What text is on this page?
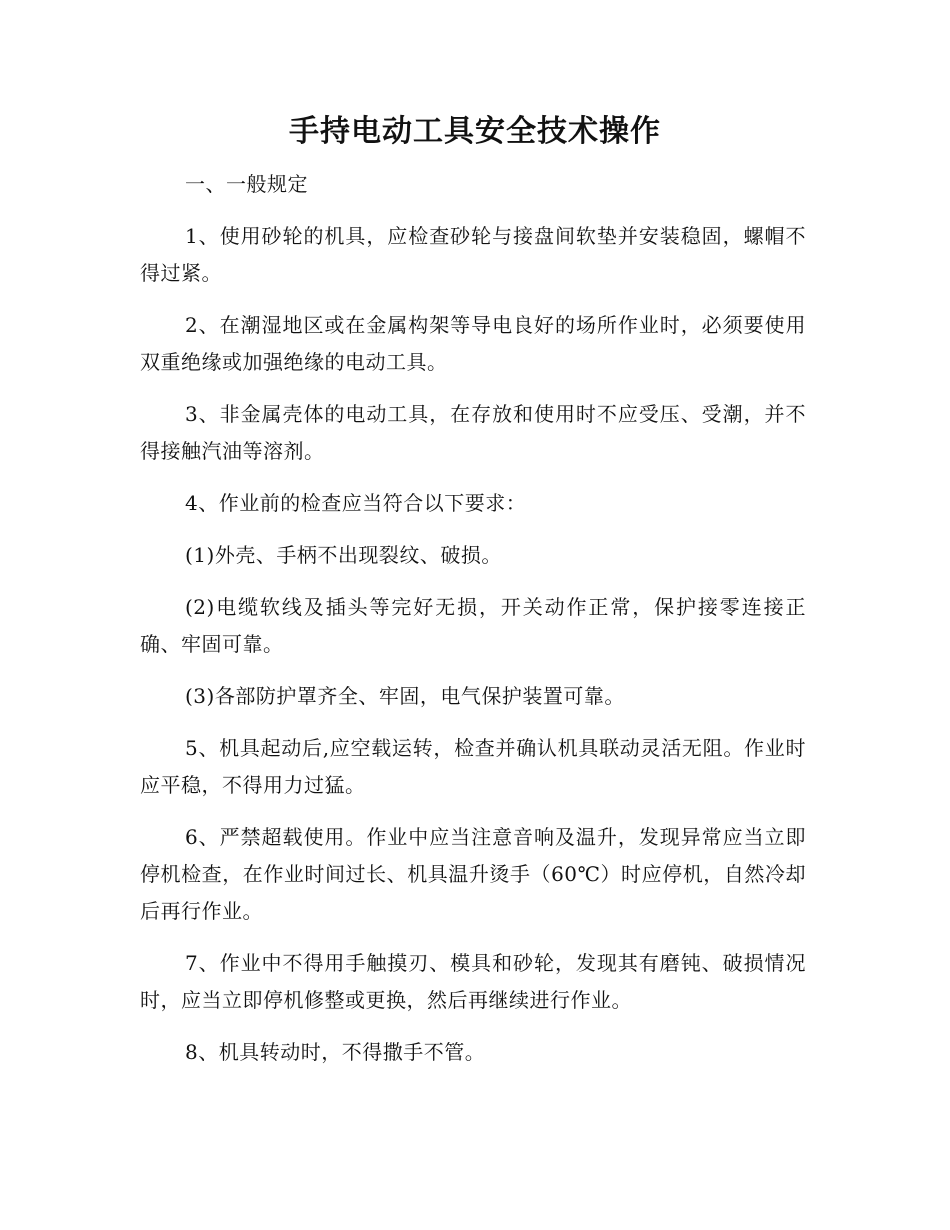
手持电动工具安全技术操作

一、一般规定

1、使用砂轮的机具，应检查砂轮与接盘间软垫并安装稳固，螺帽不得过紧。

2、在潮湿地区或在金属构架等导电良好的场所作业时，必须要使用双重绝缘或加强绝缘的电动工具。

3、非金属壳体的电动工具，在存放和使用时不应受压、受潮，并不得接触汽油等溶剂。

4、作业前的检查应当符合以下要求：

(1)外壳、手柄不出现裂纹、破损。

(2)电缆软线及插头等完好无损，开关动作正常，保护接零连接正确、牢固可靠。

(3)各部防护罩齐全、牢固，电气保护装置可靠。

5、机具起动后,应空载运转，检查并确认机具联动灵活无阻。作业时应平稳，不得用力过猛。

6、严禁超载使用。作业中应当注意音响及温升，发现异常应当立即停机检查，在作业时间过长、机具温升烫手（60℃）时应停机，自然冷却后再行作业。

7、作业中不得用手触摸刃、模具和砂轮，发现其有磨钝、破损情况时，应当立即停机修整或更换，然后再继续进行作业。

8、机具转动时，不得撒手不管。
